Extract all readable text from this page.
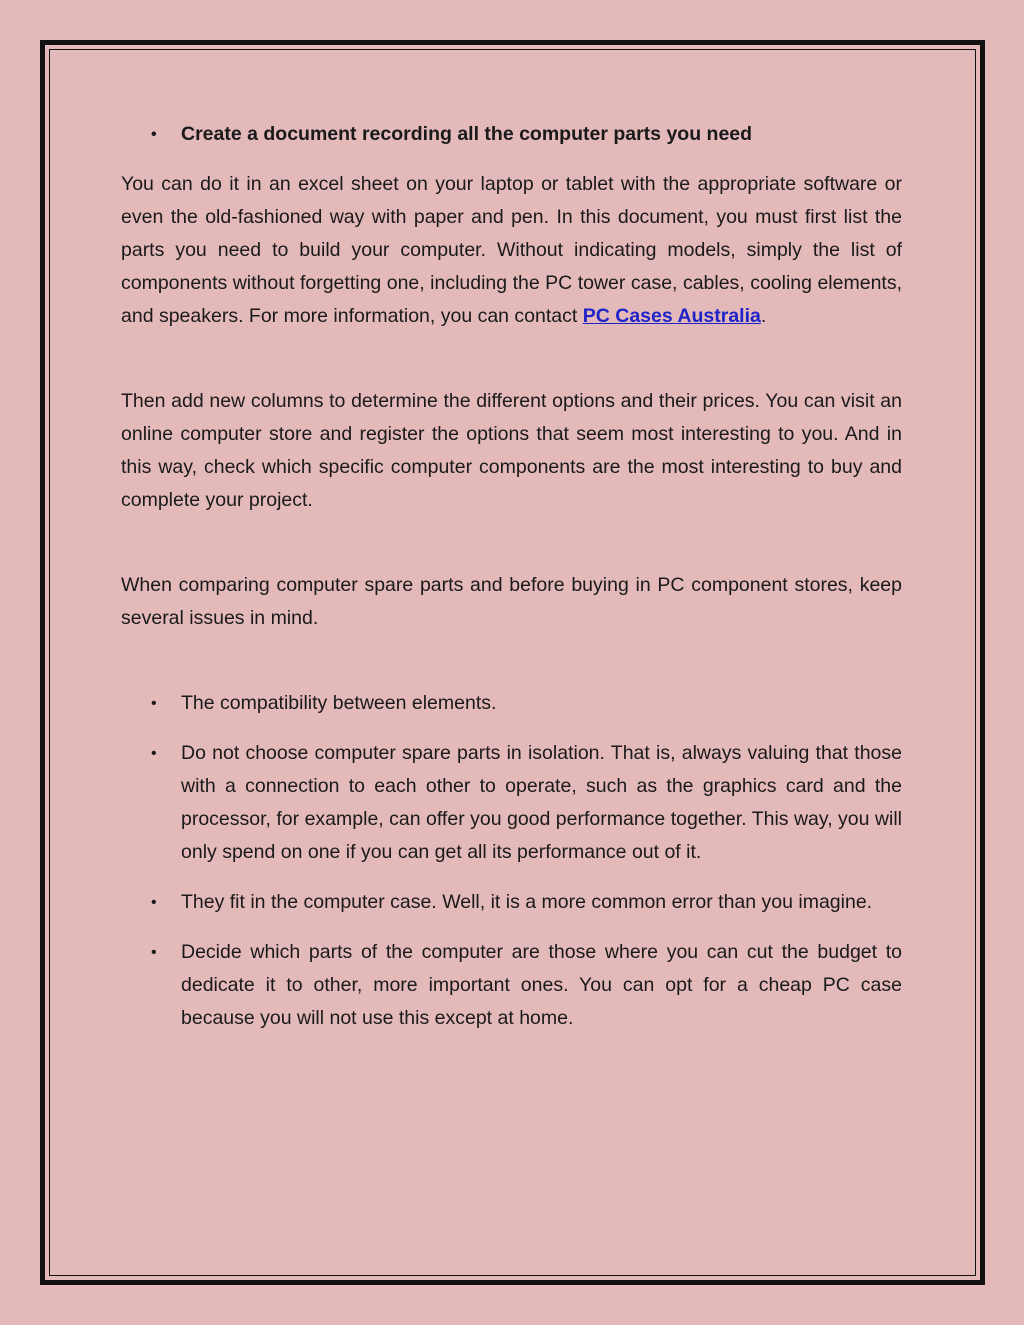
• Create a document recording all the computer parts you need

You can do it in an excel sheet on your laptop or tablet with the appropriate software or even the old-fashioned way with paper and pen. In this document, you must first list the parts you need to build your computer. Without indicating models, simply the list of components without forgetting one, including the PC tower case, cables, cooling elements, and speakers. For more information, you can contact PC Cases Australia.

Then add new columns to determine the different options and their prices. You can visit an online computer store and register the options that seem most interesting to you. And in this way, check which specific computer components are the most interesting to buy and complete your project.

When comparing computer spare parts and before buying in PC component stores, keep several issues in mind.

• The compatibility between elements.
• Do not choose computer spare parts in isolation. That is, always valuing that those with a connection to each other to operate, such as the graphics card and the processor, for example, can offer you good performance together. This way, you will only spend on one if you can get all its performance out of it.
• They fit in the computer case. Well, it is a more common error than you imagine.
• Decide which parts of the computer are those where you can cut the budget to dedicate it to other, more important ones. You can opt for a cheap PC case because you will not use this except at home.
